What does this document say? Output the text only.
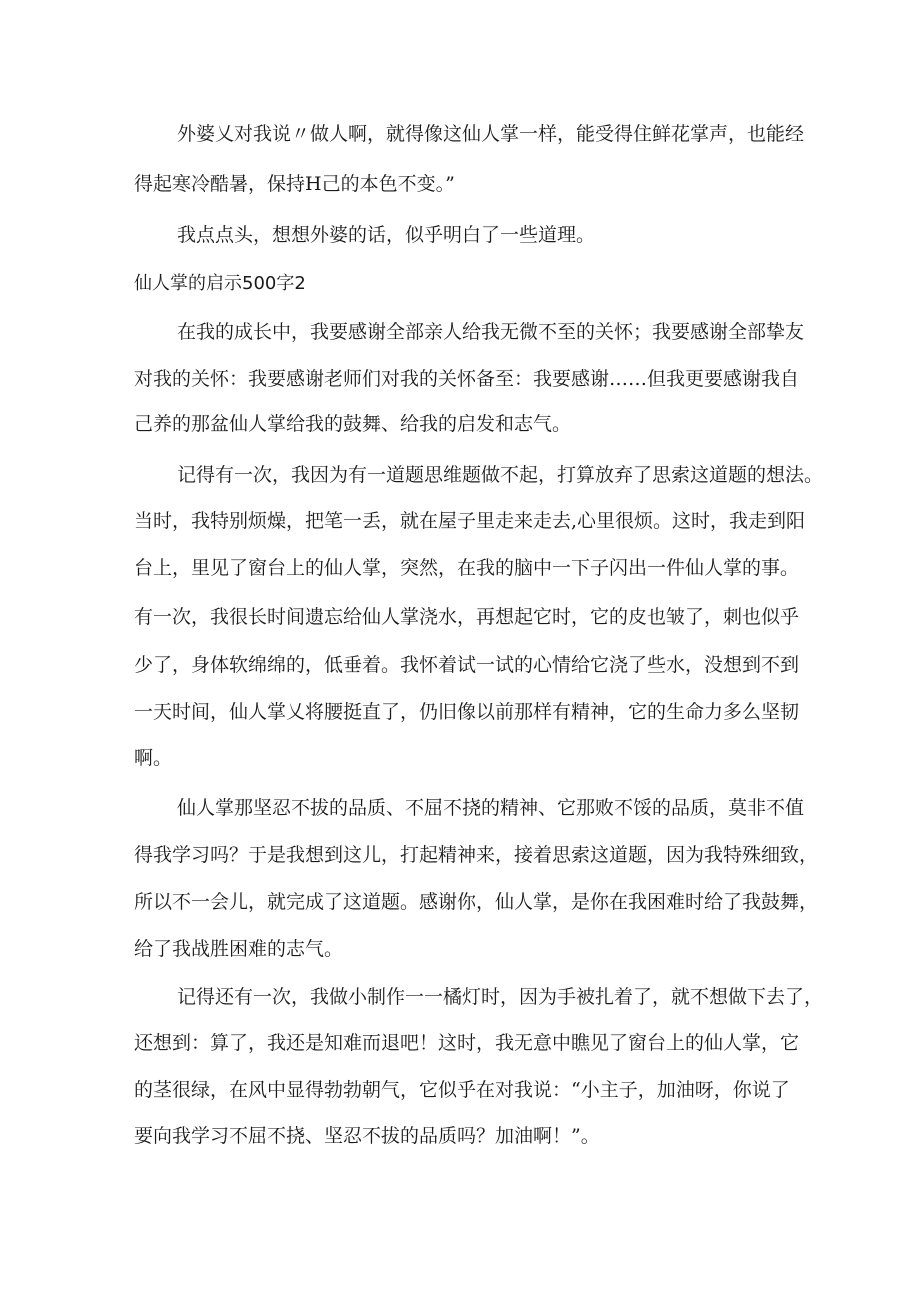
外婆乂对我说〃做人啊，就得像这仙人掌一样，能受得住鲜花掌声，也能经
得起寒冷酷暑，保持H己的本色不变。”
我点点头，想想外婆的话，似乎明白了一些道理。
仙人掌的启示500字2
在我的成长中，我要感谢全部亲人给我无微不至的关怀；我要感谢全部挚友
对我的关怀：我要感谢老师们对我的关怀备至：我要感谢……但我更要感谢我自
己养的那盆仙人掌给我的鼓舞、给我的启发和志气。
记得有一次，我因为有一道题思维题做不起，打算放弃了思索这道题的想法。
当时，我特别烦燥，把笔一丢，就在屋子里走来走去,心里很烦。这时，我走到阳
台上，里见了窗台上的仙人掌，突然，在我的脑中一下子闪出一件仙人掌的事。
有一次，我很长时间遗忘给仙人掌浇水，再想起它时，它的皮也皱了，刺也似乎
少了，身体软绵绵的，低垂着。我怀着试一试的心情给它浇了些水，没想到不到
一天时间，仙人掌乂将腰挺直了，仍旧像以前那样有精神，它的生命力多么坚韧
啊。
仙人掌那坚忍不拔的品质、不屈不挠的精神、它那败不馁的品质，莫非不值
得我学习吗？于是我想到这儿，打起精神来，接着思索这道题，因为我特殊细致，
所以不一会儿，就完成了这道题。感谢你，仙人掌，是你在我困难时给了我鼓舞，
给了我战胜困难的志气。
记得还有一次，我做小制作一一橘灯时，因为手被扎着了，就不想做下去了，
还想到：算了，我还是知难而退吧！这时，我无意中瞧见了窗台上的仙人掌，它
的茎很绿，在风中显得勃勃朝气，它似乎在对我说：“小主子，加油呀，你说了
要向我学习不屈不挠、坚忍不拔的品质吗？加油啊！”。
